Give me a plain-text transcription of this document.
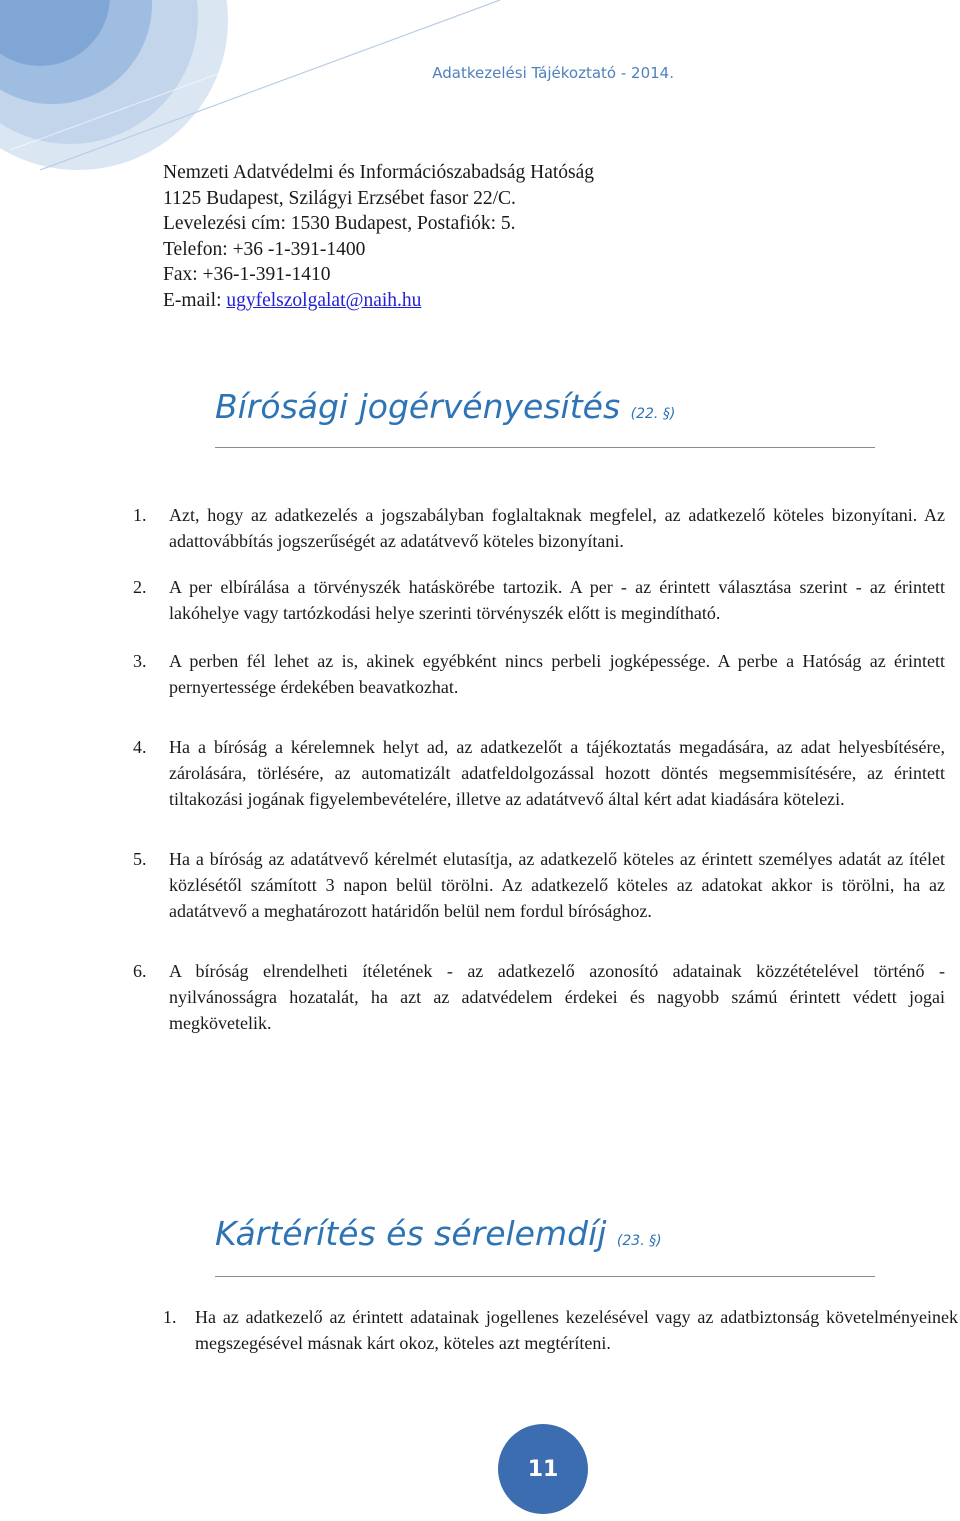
Adatkezelési Tájékoztató - 2014.
Nemzeti Adatvédelmi és Információszabadság Hatóság
1125 Budapest, Szilágyi Erzsébet fasor 22/C.
Levelezési cím: 1530 Budapest, Postafiók: 5.
Telefon: +36 -1-391-1400
Fax: +36-1-391-1410
E-mail: ugyfelszolgalat@naih.hu
Bírósági jogérvényesítés (22. §)
1.	Azt, hogy az adatkezelés a jogszabályban foglaltaknak megfelel, az adatkezelő köteles bizonyítani. Az adattovábbítás jogszerűségét az adatátvevő köteles bizonyítani.
2.	A per elbírálása a törvényszék hatáskörébe tartozik. A per - az érintett választása szerint - az érintett lakóhelye vagy tartózkodási helye szerinti törvényszék előtt is megindítható.
3.	A perben fél lehet az is, akinek egyébként nincs perbeli jogképessége. A perbe a Hatóság az érintett pernyertessége érdekében beavatkozhat.
4.	Ha a bíróság a kérelemnek helyt ad, az adatkezelőt a tájékoztatás megadására, az adat helyesbítésére, zárolására, törlésére, az automatizált adatfeldolgozással hozott döntés megsemmisítésére, az érintett tiltakozási jogának figyelembevételére, illetve az adatátvevő által kért adat kiadására kötelezi.
5.	Ha a bíróság az adatátvevő kérelmét elutasítja, az adatkezelő köteles az érintett személyes adatát az ítélet közlésétől számított 3 napon belül törölni. Az adatkezelő köteles az adatokat akkor is törölni, ha az adatátvevő a meghatározott határidőn belül nem fordul bírósághoz.
6.	A bíróság elrendelheti ítéletének - az adatkezelő azonosító adatainak közzétételével történő - nyilvánosságra hozatalát, ha azt az adatvédelem érdekei és nagyobb számú érintett védett jogai megkövetelik.
Kártérítés és sérelemdíj (23. §)
1.	Ha az adatkezelő az érintett adatainak jogellenes kezelésével vagy az adatbiztonság követelményeinek megszegésével másnak kárt okoz, köteles azt megtéríteni.
11
